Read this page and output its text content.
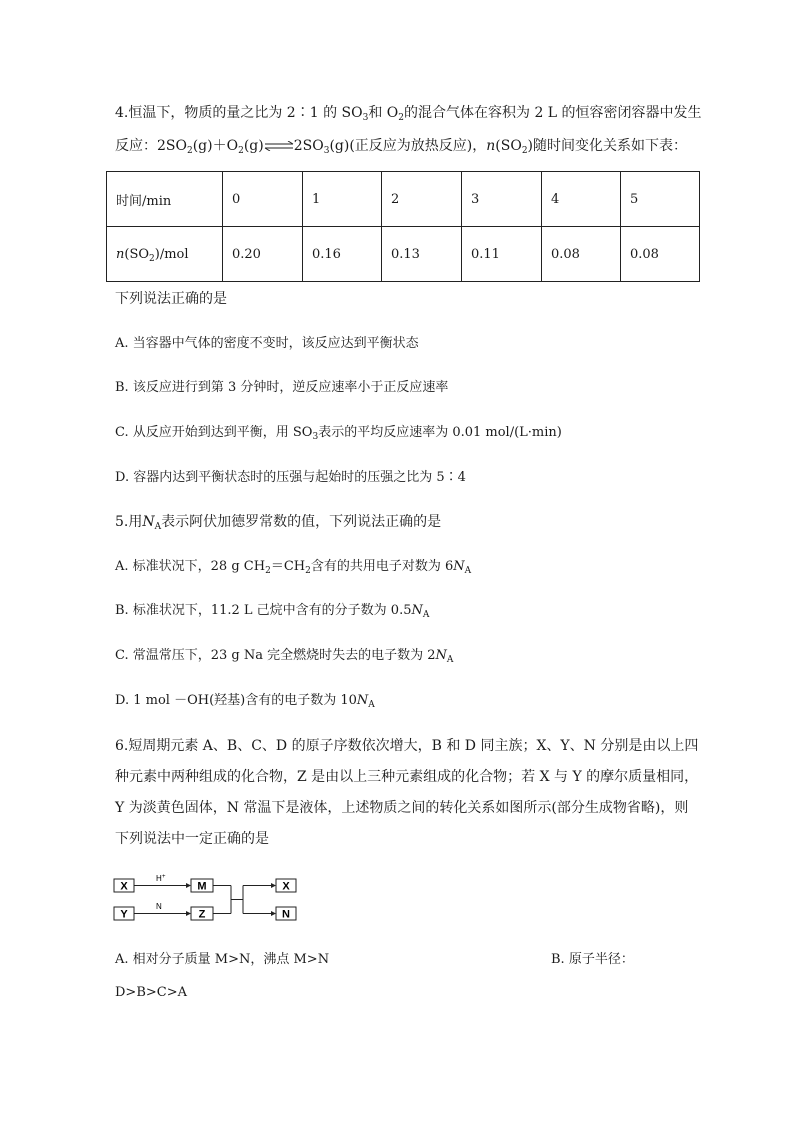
4.恒温下，物质的量之比为 2∶1 的 $SO_3$和 $O_2$的混合气体在容积为 2 L 的恒容密闭容器中发生
反应：$2SO_2(g)+O_2(g)\rightleftharpoons 2SO_3(g)$(正反应为放热反应)，$n(SO_2)$随时间变化关系如下表：
时间/min	0	1	2	3	4	5
$n(SO_2)$/mol	0.20	0.16	0.13	0.11	0.08	0.08
下列说法正确的是
A. 当容器中气体的密度不变时，该反应达到平衡状态
B. 该反应进行到第 3 分钟时，逆反应速率小于正反应速率
C. 从反应开始到达到平衡，用 $SO_3$表示的平均反应速率为 0.01 mol/(L·min)
D. 容器内达到平衡状态时的压强与起始时的压强之比为 5∶4
5.用$N_A$表示阿伏加德罗常数的值，下列说法正确的是
A. 标准状况下，28 g $CH_2=CH_2$含有的共用电子对数为 $6N_A$
B. 标准状况下，11.2 L 己烷中含有的分子数为 $0.5N_A$
C. 常温常压下，23 g Na 完全燃烧时失去的电子数为 $2N_A$
D. 1 mol －OH(羟基)含有的电子数为 $10N_A$
6.短周期元素 A、B、C、D 的原子序数依次增大，B 和 D 同主族；X、Y、N 分别是由以上四
种元素中两种组成的化合物，Z 是由以上三种元素组成的化合物；若 X 与 Y 的摩尔质量相同，
Y 为淡黄色固体，N 常温下是液体，上述物质之间的转化关系如图所示(部分生成物省略)，则
下列说法中一定正确的是
X
Y
H +
N
M
Z
X
N
A. 相对分子质量 M>N，沸点 M>N	B. 原子半径：
D>B>C>A
